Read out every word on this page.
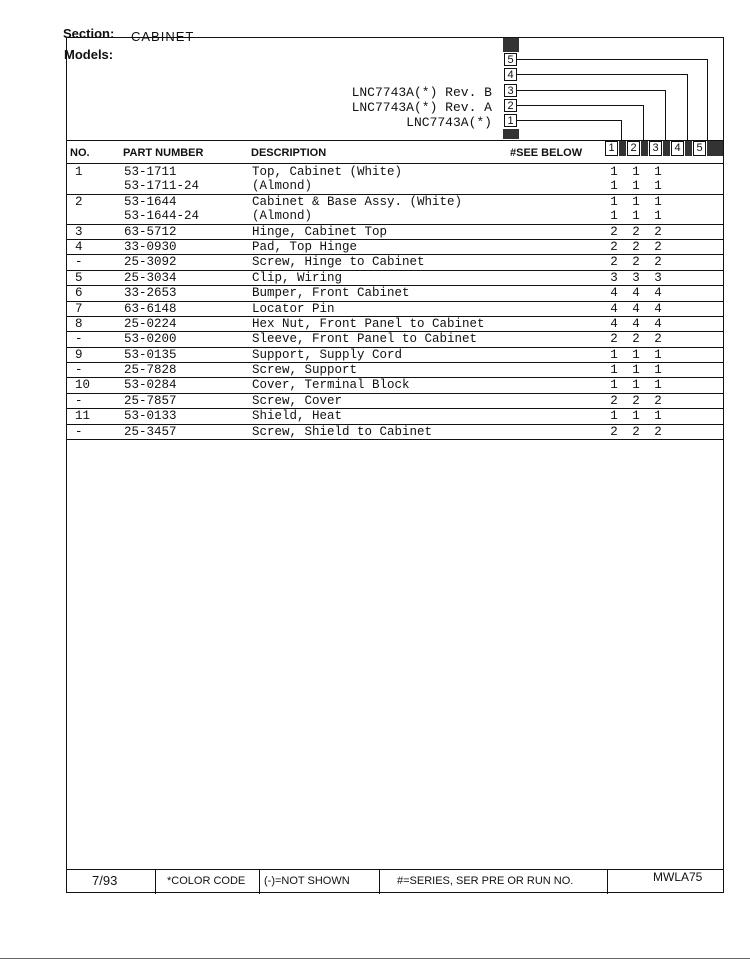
Section: CABINET
Models:
LNC7743A(*) Rev. B
LNC7743A(*) Rev. A
LNC7743A(*)
5
4
3
2
1
NO.	PART NUMBER	DESCRIPTION	#SEE BELOW	1	2	3	4	5
1	53-1711	Top, Cabinet (White)	1 1 1
53-1711-24	(Almond)	1 1 1
2	53-1644	Cabinet & Base Assy. (White)	1 1 1
53-1644-24	(Almond)	1 1 1
3	63-5712	Hinge, Cabinet Top	2 2 2
4	33-0930	Pad, Top Hinge	2 2 2
-	25-3092	Screw, Hinge to Cabinet	2 2 2
5	25-3034	Clip, Wiring	3 3 3
6	33-2653	Bumper, Front Cabinet	4 4 4
7	63-6148	Locator Pin	4 4 4
8	25-0224	Hex Nut, Front Panel to Cabinet	4 4 4
-	53-0200	Sleeve, Front Panel to Cabinet	2 2 2
9	53-0135	Support, Supply Cord	1 1 1
-	25-7828	Screw, Support	1 1 1
10	53-0284	Cover, Terminal Block	1 1 1
-	25-7857	Screw, Cover	2 2 2
11	53-0133	Shield, Heat	1 1 1
-	25-3457	Screw, Shield to Cabinet	2 2 2
7/93	*COLOR CODE (-)=NOT SHOWN	#=SERIES, SER PRE OR RUN NO.	MWLA75
